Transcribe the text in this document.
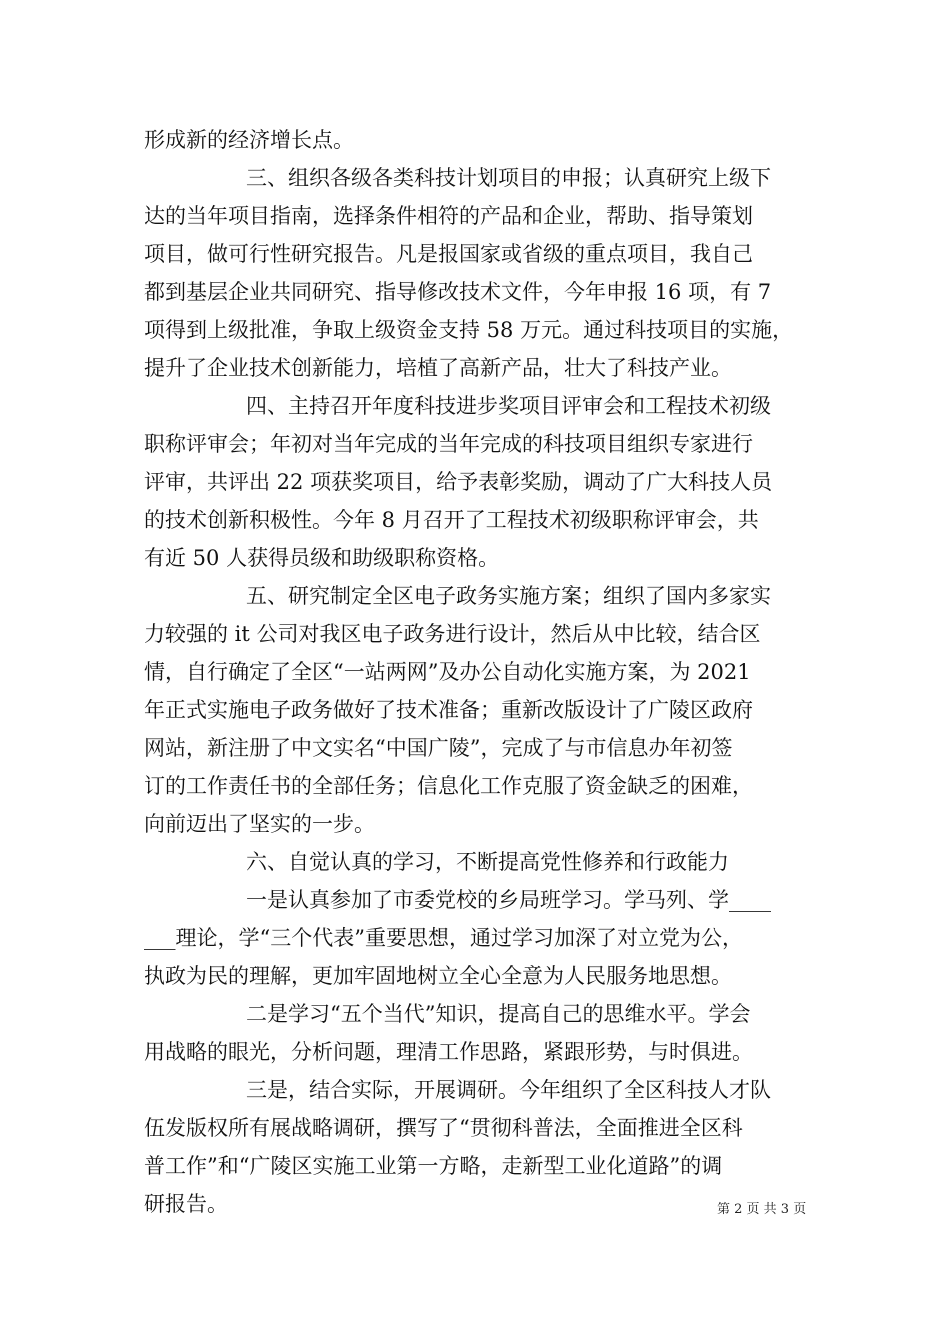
形成新的经济增长点。
三、组织各级各类科技计划项目的申报；认真研究上级下
达的当年项目指南，选择条件相符的产品和企业，帮助、指导策划
项目，做可行性研究报告。凡是报国家或省级的重点项目，我自己
都到基层企业共同研究、指导修改技术文件，今年申报 16 项，有 7
项得到上级批准，争取上级资金支持 58 万元。通过科技项目的实施，
提升了企业技术创新能力，培植了高新产品，壮大了科技产业。
四、主持召开年度科技进步奖项目评审会和工程技术初级
职称评审会；年初对当年完成的当年完成的科技项目组织专家进行
评审，共评出 22 项获奖项目，给予表彰奖励，调动了广大科技人员
的技术创新积极性。今年 8 月召开了工程技术初级职称评审会，共
有近 50 人获得员级和助级职称资格。
五、研究制定全区电子政务实施方案；组织了国内多家实
力较强的 it 公司对我区电子政务进行设计，然后从中比较，结合区
情，自行确定了全区“一站两网”及办公自动化实施方案，为 2021
年正式实施电子政务做好了技术准备；重新改版设计了广陵区政府
网站，新注册了中文实名“中国广陵”，完成了与市信息办年初签
订的工作责任书的全部任务；信息化工作克服了资金缺乏的困难，
向前迈出了坚实的一步。
六、自觉认真的学习，不断提高党性修养和行政能力
一是认真参加了市委党校的乡局班学习。学马列、学____
___理论，学“三个代表”重要思想，通过学习加深了对立党为公，
执政为民的理解，更加牢固地树立全心全意为人民服务地思想。
二是学习“五个当代”知识，提高自己的思维水平。学会
用战略的眼光，分析问题，理清工作思路，紧跟形势，与时俱进。
三是，结合实际，开展调研。今年组织了全区科技人才队
伍发版权所有展战略调研，撰写了“贯彻科普法，全面推进全区科
普工作”和“广陵区实施工业第一方略，走新型工业化道路”的调
研报告。	第 2 页 共 3 页
